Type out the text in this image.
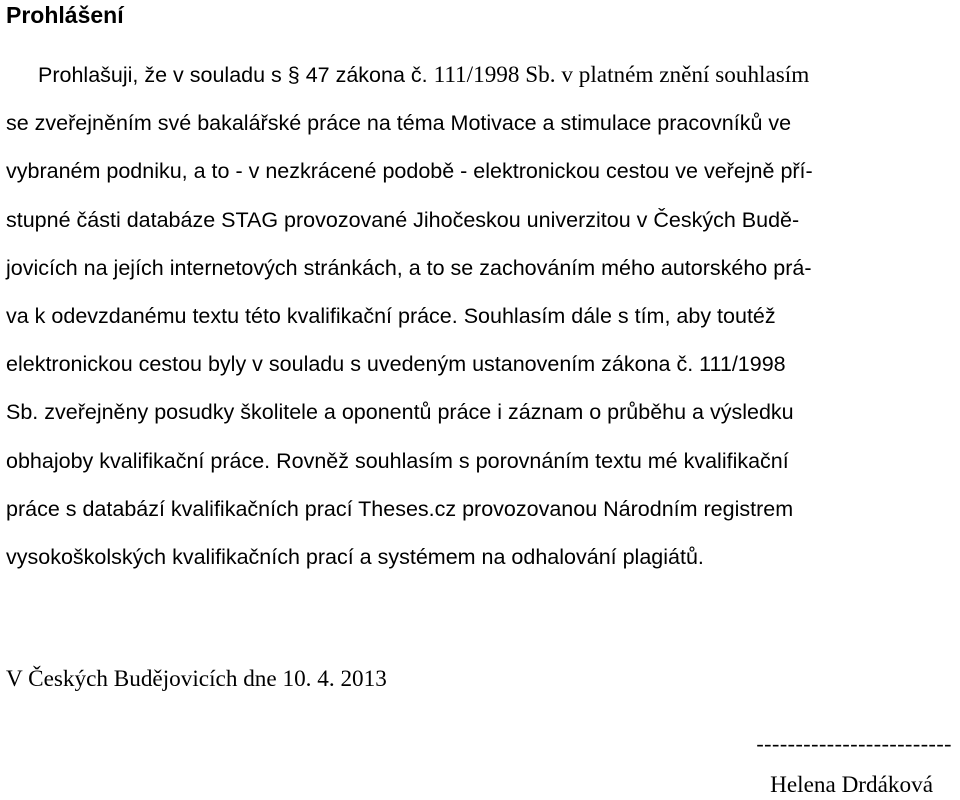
Prohlášení
Prohlašuji, že v souladu s § 47 zákona č. 111/1998 Sb. v platném znění souhlasím
se zveřejněním své bakalářské práce na téma Motivace a stimulace pracovníků ve
vybraném podniku, a to - v nezkrácené podobě - elektronickou cestou ve veřejně pří-
stupné části databáze STAG provozované Jihočeskou univerzitou v Českých Budě-
jovicích na jejích internetových stránkách, a to se zachováním mého autorského prá-
va k odevzdanému textu této kvalifikační práce. Souhlasím dále s tím, aby toutéž
elektronickou cestou byly v souladu s uvedeným ustanovením zákona č. 111/1998
Sb. zveřejněny posudky školitele a oponentů práce i záznam o průběhu a výsledku
obhajoby kvalifikační práce. Rovněž souhlasím s porovnáním textu mé kvalifikační
práce s databází kvalifikačních prací Theses.cz provozovanou Národním registrem
vysokoškolských kvalifikačních prací a systémem na odhalování plagiátů.

V Českých Budějovicích dne 10. 4. 2013

-------------------------

Helena Drdáková
